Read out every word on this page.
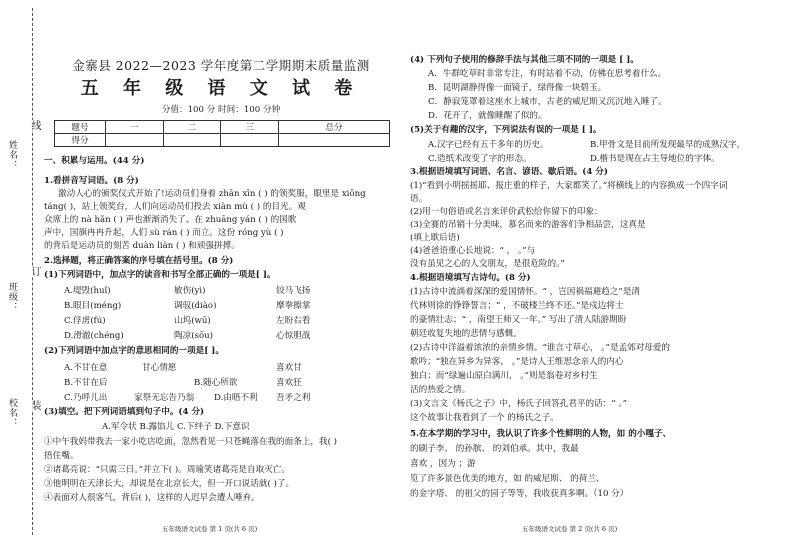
姓名：
班级：
校名：
线
订
装
金寨县 2022—2023 学年度第二学期期末质量监测
五 年 级 语 文 试 卷
分值：100 分 时间：100 分钟
题号	一	二	三	总分
得分				
一、积累与运用。(44 分)
1.看拼音写词语。(8 分)
激动人心的颁奖仪式开始了!运动员们身着 zhān xīn ( ) 的领奖服，眼里是 xiōng
táng( )，站上领奖台，人们向运动员们投去 xiàn mù ( ) 的目光。观
众席上的 nà hǎn ( ) 声也渐渐消失了。在 zhuāng yán ( ) 的国歌
声中，国旗冉冉升起，人们 sù rán ( ) 而立。这份 róng yù ( )
的背后是运动员的刻苦 duàn liàn ( ) 和顽强拼搏。
2.选择题，将正确答案的序号填在括号里。(8 分)
(1)下列词语中，加点字的读音和书写全部正确的一项是[ ]。
A.堤毁(huǐ)	敏伤(yì)	铰马飞扬
B.眼目(méng)	调驭(diào)	摩拳擦掌
C.俘虏(fú)	山坞(wū)	左盼右看
D.滑澈(chéng)	陶凉(sōu)	心惊胆战
(2)下列词语中加点字的意思相同的一项是[ ]。
A.不甘在意	甘心情愿	喜欢甘
B.不甘在后	B.随心所欲	喜欢狂
C.乃呼儿出	家祭无忘告乃翁 D.由晤不利 吾矛之利
(3)填空。把下列词语填到句子中。(4 分)
A.军令状 B.露馅儿 C.下绊子 D.下意识
①中午我妈带我去一家小吃店吃面，忽然看见一只苍蝇落在我的面条上，我( )
捂住嘴。
②诸葛亮说：“只需三日。”并立下( )。周瑜笑诸葛亮是自取灭亡。
③他明明在天津长大，却说是在北京长大，但一开口说话就( )了。
④表面对人很客气，背后( )，这样的人迟早会遭人唾弃。
五年级语文试卷 第 1 页(共 6 页)
(4) 下列句子使用的修辞手法与其他三项不同的一项是 [ ]。
A．牛群吃草时非常专注，有时站着不动，仿佛在思考着什么。
B．昆明湖静得像一面镜子，绿得像一块碧玉。
C．静寂笼罩着这座水上城市，古老的威尼斯又沉沉地入睡了。
D．花开了，就像睡醒了似的。
(5)关于有趣的汉字，下列说法有误的一项是 [ ]。
A.汉字已经有五千多年的历史。	B.甲骨文是目前所发现最早的成熟汉字。
C.造纸术改变了字的形态。	D.楷书是现在占主导地位的字体。
3.根据语境填写词语、名言、谚语、歇后语。(4 分)
(1)“看到小明摇摇耶、报庄重的样子，大家都笑了。”将横线上的内容换成一个四字词
语。
(2)用一句俗语或名言来评价武松给你留下的印象：
(3)全赛的吊销十分美味，慕名而来的游客们争相品尝，这真是
(填上歇后语)
(4)爸爸语重心长地说：“ ， 。”与
没有虽见之心的人交朋友，是很危险的。”
4.根据语境填写古诗句。(8 分)
(1)古诗中流淌着深深的爱国情怀。“ ，岂因祸福避趋之”是清
代林则徐的铮铮誓言；“ ，不破楼兰终不还。”是戍边将士
的豪情壮志；“ ，南望王师又一年。” 写出了清人陆游期盼
朝廷收复失地的悲情与感慨。
(2)古诗中洋溢着浓浓的亲情乡情。“谁言寸草心， 。”是孟郊对母爱的
歌吟；“独在异乡为异客， 。”是诗人王维思念亲人的内心
独白；而“绿遍山原白满川， 。”则是翁卷对乡村生
活的热爱之情。
(3)文言文《杨氏之子》中，杨氏子回答孔君平的话：“ 。”
这个故事让我看到了一个 的杨氏之子。
5.在本学期的学习中，我认识了许多个性鲜明的人物，如 的小嘎子、
的刷子李、 的孙膑、 的刘伯承。其中，我最
喜欢 ，因为 ；游
览了许多景色优美的地方，如 的威尼斯、 的荷兰、
的金字塔、 的祖父的园子等等，我收获真多啊。（10 分）
五年级语文试卷 第 2 页(共 6 页)
